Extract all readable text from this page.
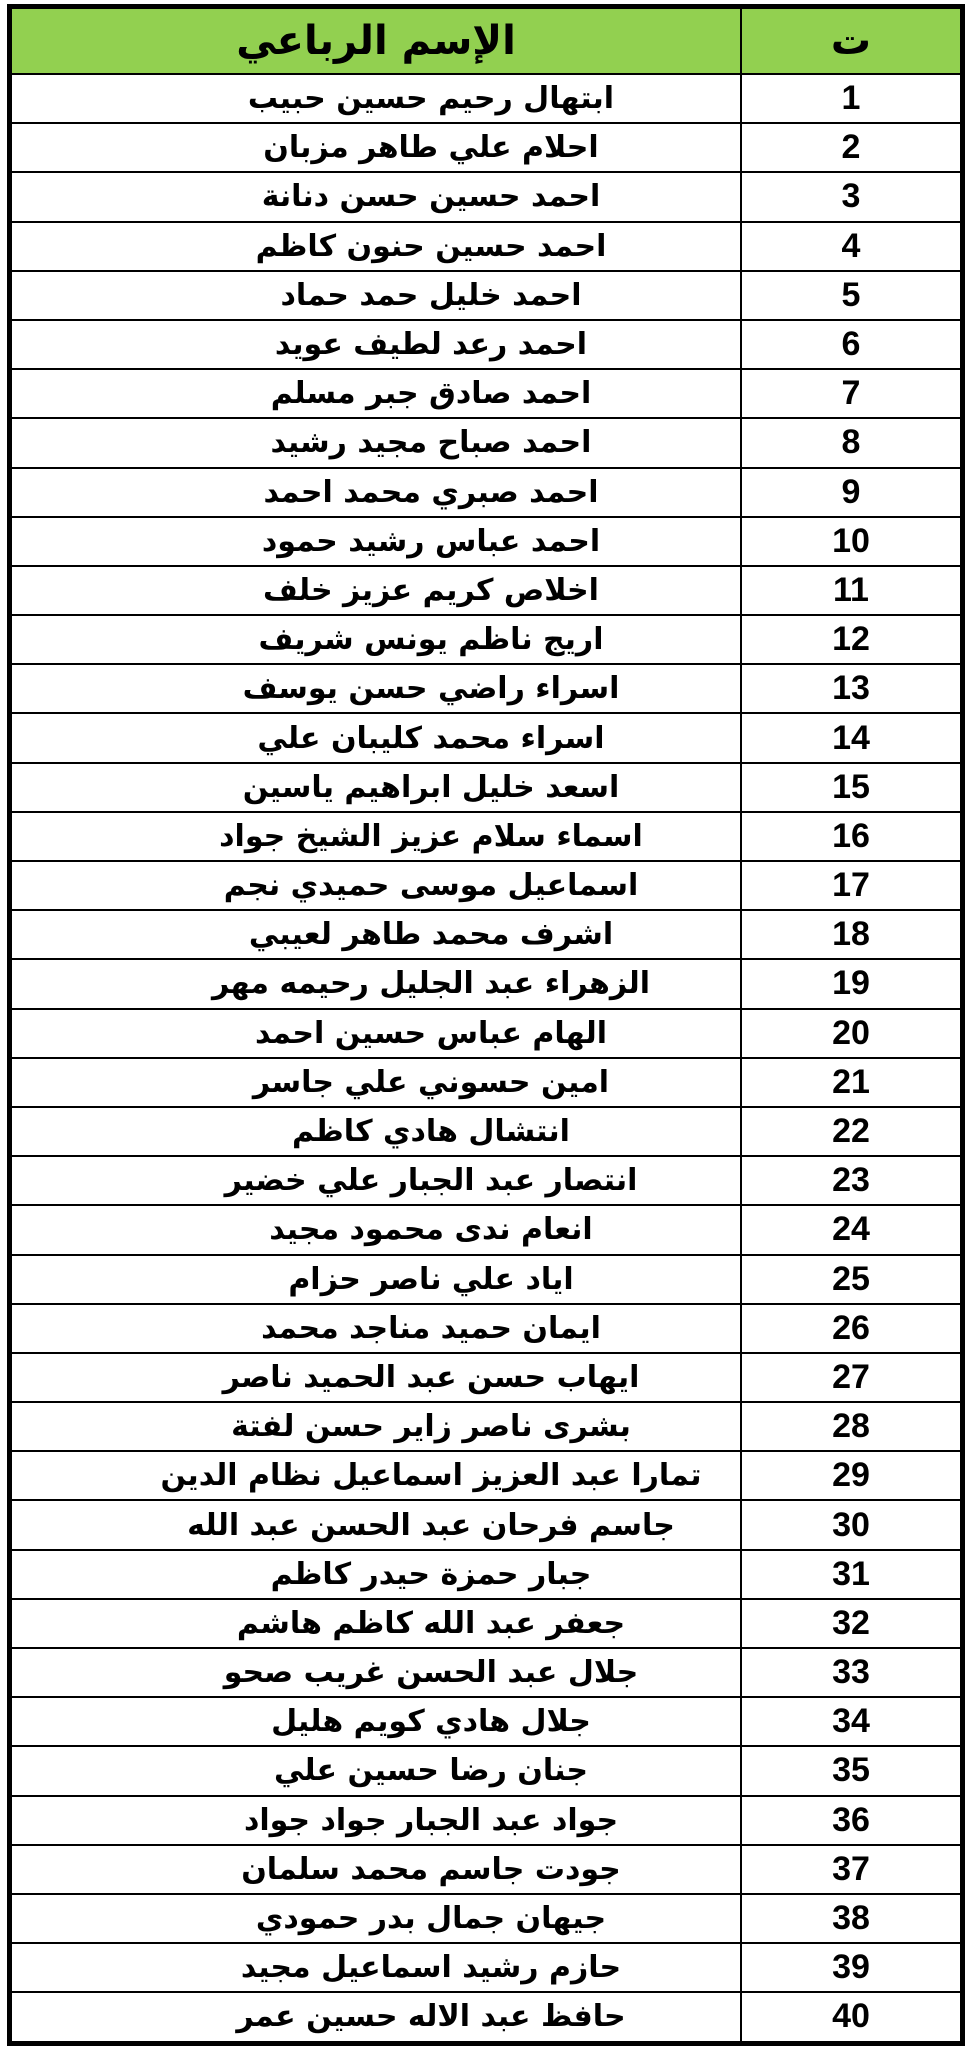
ت	الإسم الرباعي
1	ابتهال رحيم حسين حبيب
2	احلام علي طاهر مزبان
3	احمد حسين حسن دنانة
4	احمد حسين حنون كاظم
5	احمد خليل حمد حماد
6	احمد رعد لطيف عويد
7	احمد صادق جبر مسلم
8	احمد صباح مجيد رشيد
9	احمد صبري محمد احمد
10	احمد عباس رشيد حمود
11	اخلاص كريم عزيز خلف
12	اريج ناظم يونس شريف
13	اسراء راضي حسن يوسف
14	اسراء محمد كليبان علي
15	اسعد خليل ابراهيم ياسين
16	اسماء سلام عزيز الشيخ جواد
17	اسماعيل موسى حميدي نجم
18	اشرف محمد طاهر لعيبي
19	الزهراء عبد الجليل رحيمه مهر
20	الهام عباس حسين احمد
21	امين حسوني علي جاسر
22	انتشال هادي كاظم
23	انتصار عبد الجبار علي خضير
24	انعام ندى محمود مجيد
25	اياد علي ناصر حزام
26	ايمان حميد مناجد محمد
27	ايهاب حسن عبد الحميد ناصر
28	بشرى ناصر زاير حسن لفتة
29	تمارا عبد العزيز اسماعيل نظام الدين
30	جاسم فرحان عبد الحسن عبد الله
31	جبار حمزة حيدر كاظم
32	جعفر عبد الله كاظم هاشم
33	جلال عبد الحسن غريب صحو
34	جلال هادي كويم هليل
35	جنان رضا حسين علي
36	جواد عبد الجبار جواد جواد
37	جودت جاسم محمد سلمان
38	جيهان جمال بدر حمودي
39	حازم رشيد اسماعيل مجيد
40	حافظ عبد الاله حسين عمر
